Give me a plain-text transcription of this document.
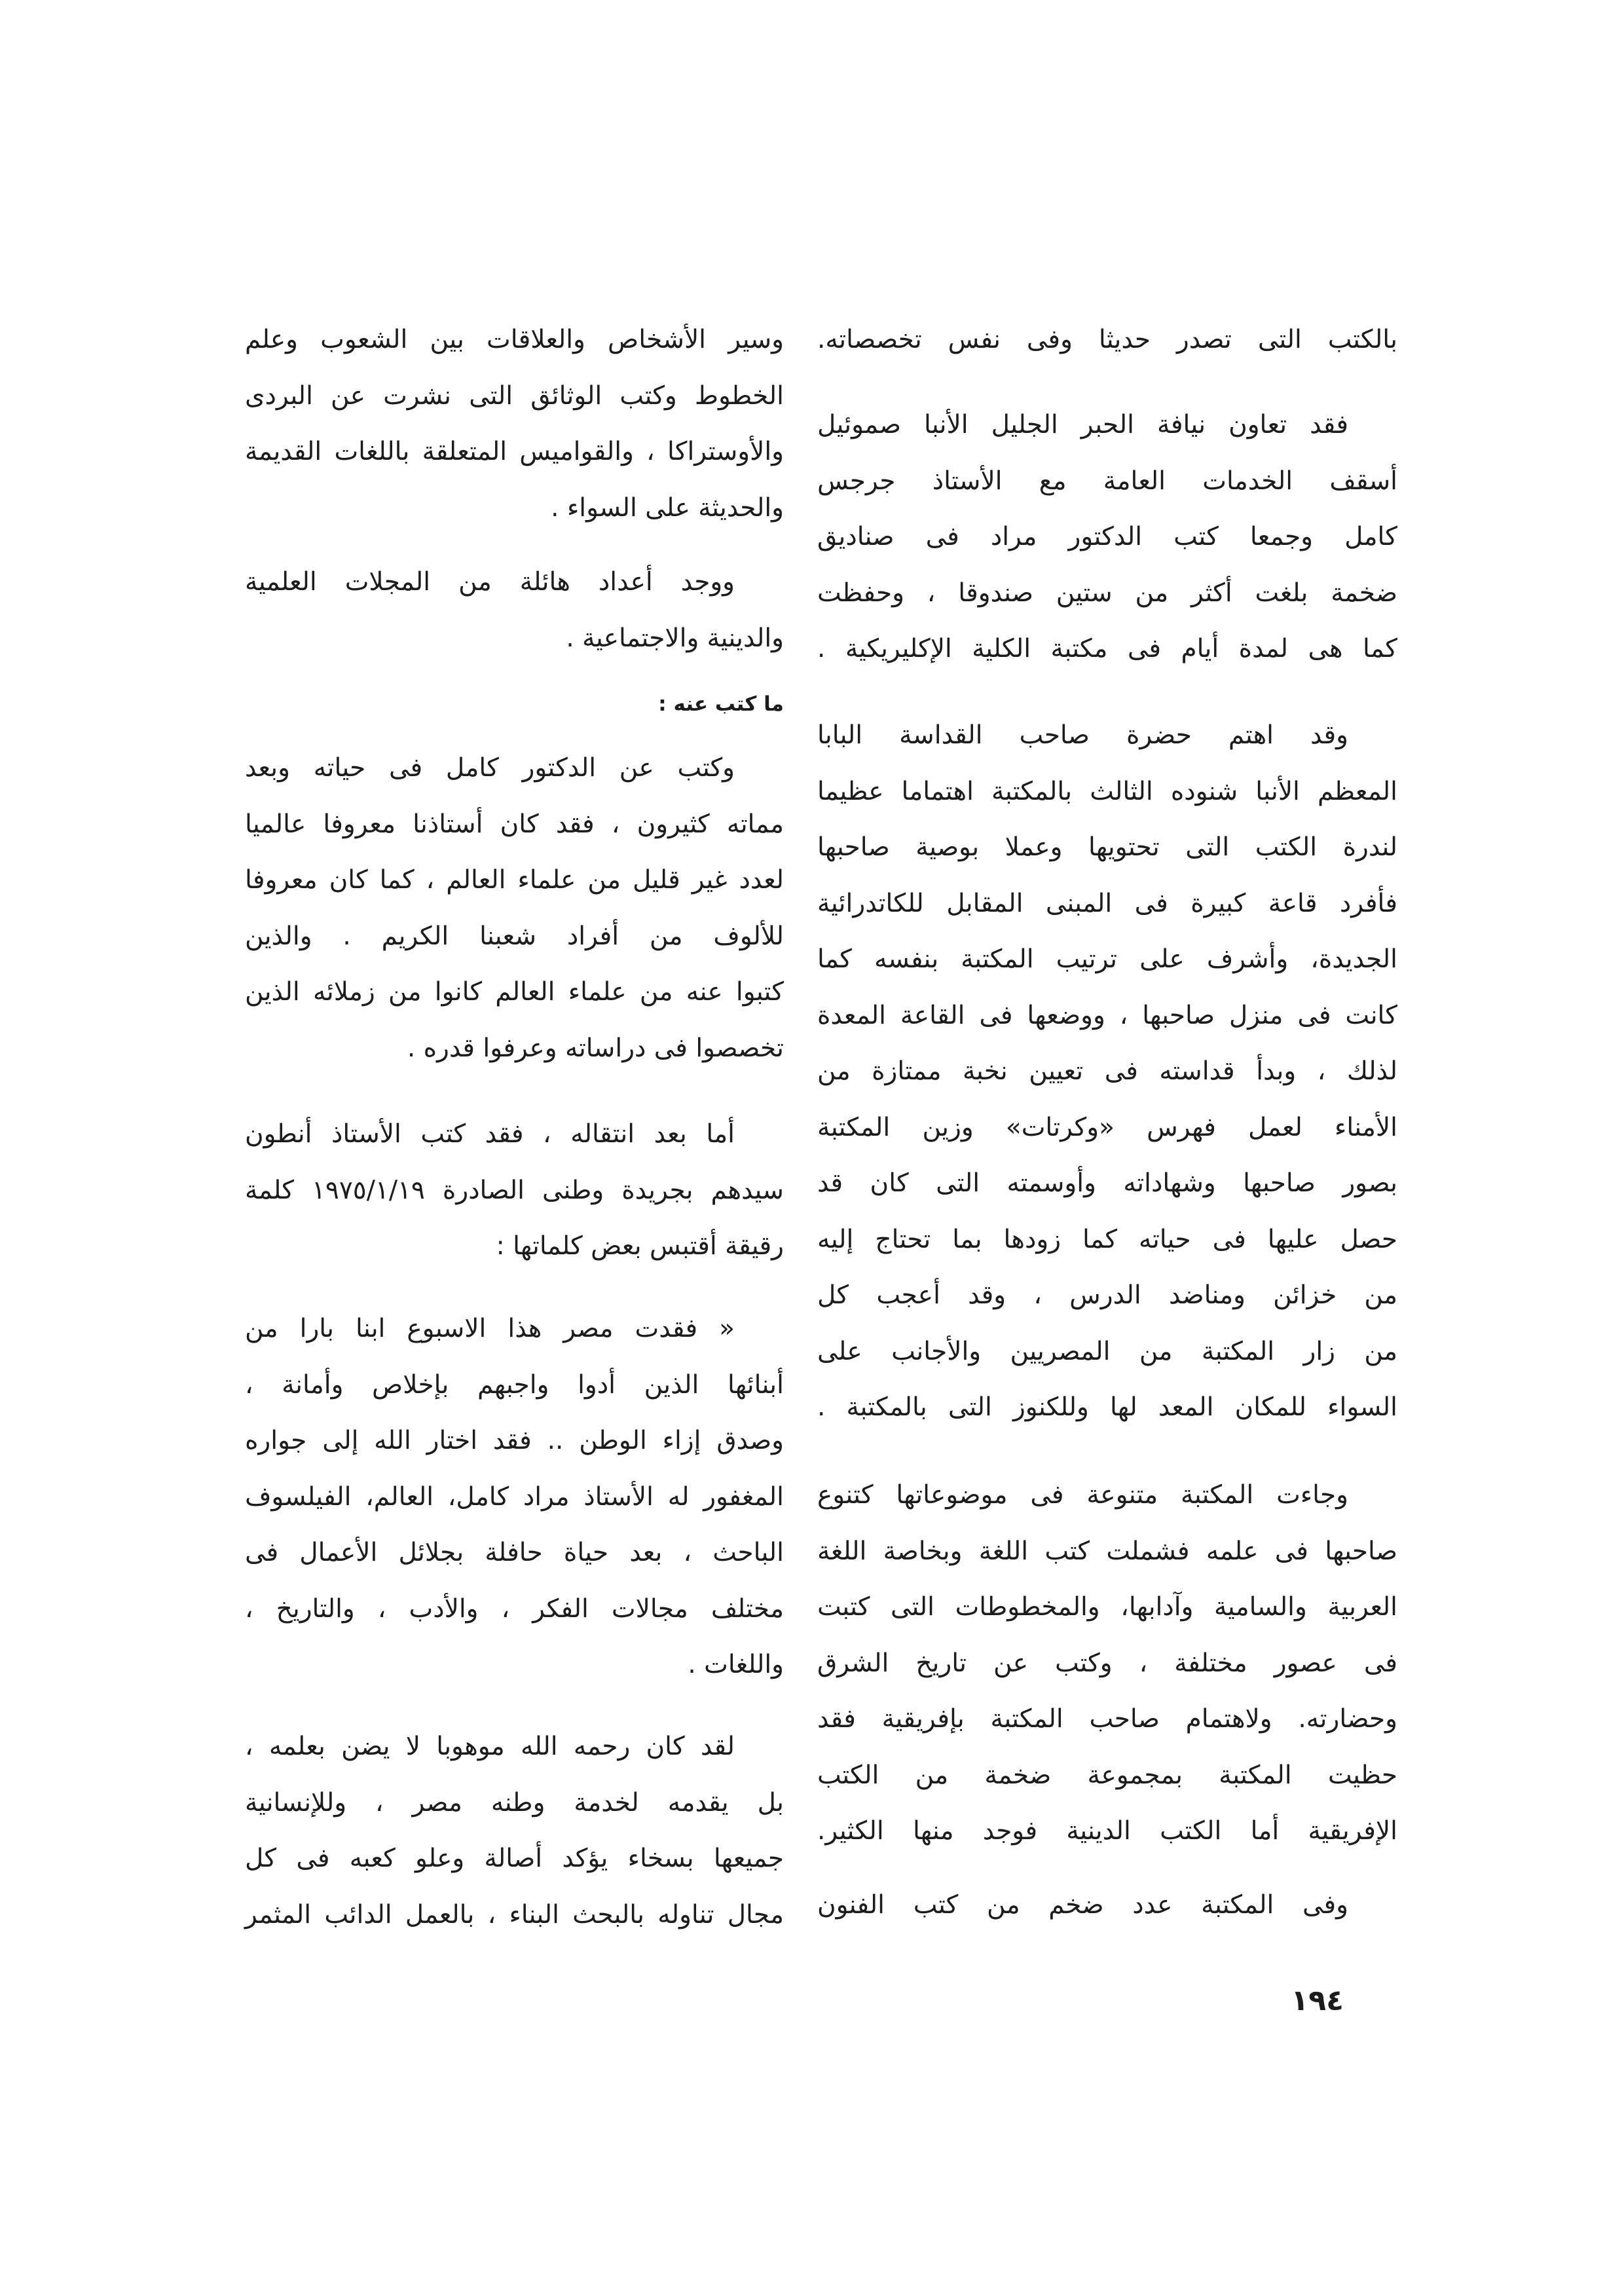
بالكتب التى تصدر حديثا وفى نفس تخصصاته.
فقد تعاون نيافة الحبر الجليل الأنبا صموئيل
أسقف الخدمات العامة مع الأستاذ جرجس
كامل وجمعا كتب الدكتور مراد فى صناديق
ضخمة بلغت أكثر من ستين صندوقا ، وحفظت
كما هى لمدة أيام فى مكتبة الكلية الإكليريكية .
وقد اهتم حضرة صاحب القداسة البابا
المعظم الأنبا شنوده الثالث بالمكتبة اهتماما عظيما
لندرة الكتب التى تحتويها وعملا بوصية صاحبها
فأفرد قاعة كبيرة فى المبنى المقابل للكاتدرائية
الجديدة، وأشرف على ترتيب المكتبة بنفسه كما
كانت فى منزل صاحبها ، ووضعها فى القاعة المعدة
لذلك ، وبدأ قداسته فى تعيين نخبة ممتازة من
الأمناء لعمل فهرس «وكرتات» وزين المكتبة
بصور صاحبها وشهاداته وأوسمته التى كان قد
حصل عليها فى حياته كما زودها بما تحتاج إليه
من خزائن ومناضد الدرس ، وقد أعجب كل
من زار المكتبة من المصريين والأجانب على
السواء للمكان المعد لها وللكنوز التى بالمكتبة .
وجاءت المكتبة متنوعة فى موضوعاتها كتنوع
صاحبها فى علمه فشملت كتب اللغة وبخاصة اللغة
العربية والسامية وآدابها، والمخطوطات التى كتبت
فى عصور مختلفة ، وكتب عن تاريخ الشرق
وحضارته. ولاهتمام صاحب المكتبة بإفريقية فقد
حظيت المكتبة بمجموعة ضخمة من الكتب
الإفريقية أما الكتب الدينية فوجد منها الكثير.
وفى المكتبة عدد ضخم من كتب الفنون
وسير الأشخاص والعلاقات بين الشعوب وعلم
الخطوط وكتب الوثائق التى نشرت عن البردى
والأوستراكا ، والقواميس المتعلقة باللغات القديمة
والحديثة على السواء .
ووجد أعداد هائلة من المجلات العلمية
والدينية والاجتماعية .
ما كتب عنه :
وكتب عن الدكتور كامل فى حياته وبعد
مماته كثيرون ، فقد كان أستاذنا معروفا عالميا
لعدد غير قليل من علماء العالم ، كما كان معروفا
للألوف من أفراد شعبنا الكريم . والذين
كتبوا عنه من علماء العالم كانوا من زملائه الذين
تخصصوا فى دراساته وعرفوا قدره .
أما بعد انتقاله ، فقد كتب الأستاذ أنطون
سيدهم بجريدة وطنى الصادرة ١٩٧٥/١/١٩ كلمة
رقيقة أقتبس بعض كلماتها :
« فقدت مصر هذا الاسبوع ابنا بارا من
أبنائها الذين أدوا واجبهم بإخلاص وأمانة ،
وصدق إزاء الوطن .. فقد اختار الله إلى جواره
المغفور له الأستاذ مراد كامل، العالم، الفيلسوف
الباحث ، بعد حياة حافلة بجلائل الأعمال فى
مختلف مجالات الفكر ، والأدب ، والتاريخ ،
واللغات .
لقد كان رحمه الله موهوبا لا يضن بعلمه ،
بل يقدمه لخدمة وطنه مصر ، وللإنسانية
جميعها بسخاء يؤكد أصالة وعلو كعبه فى كل
مجال تناوله بالبحث البناء ، بالعمل الدائب المثمر
١٩٤
